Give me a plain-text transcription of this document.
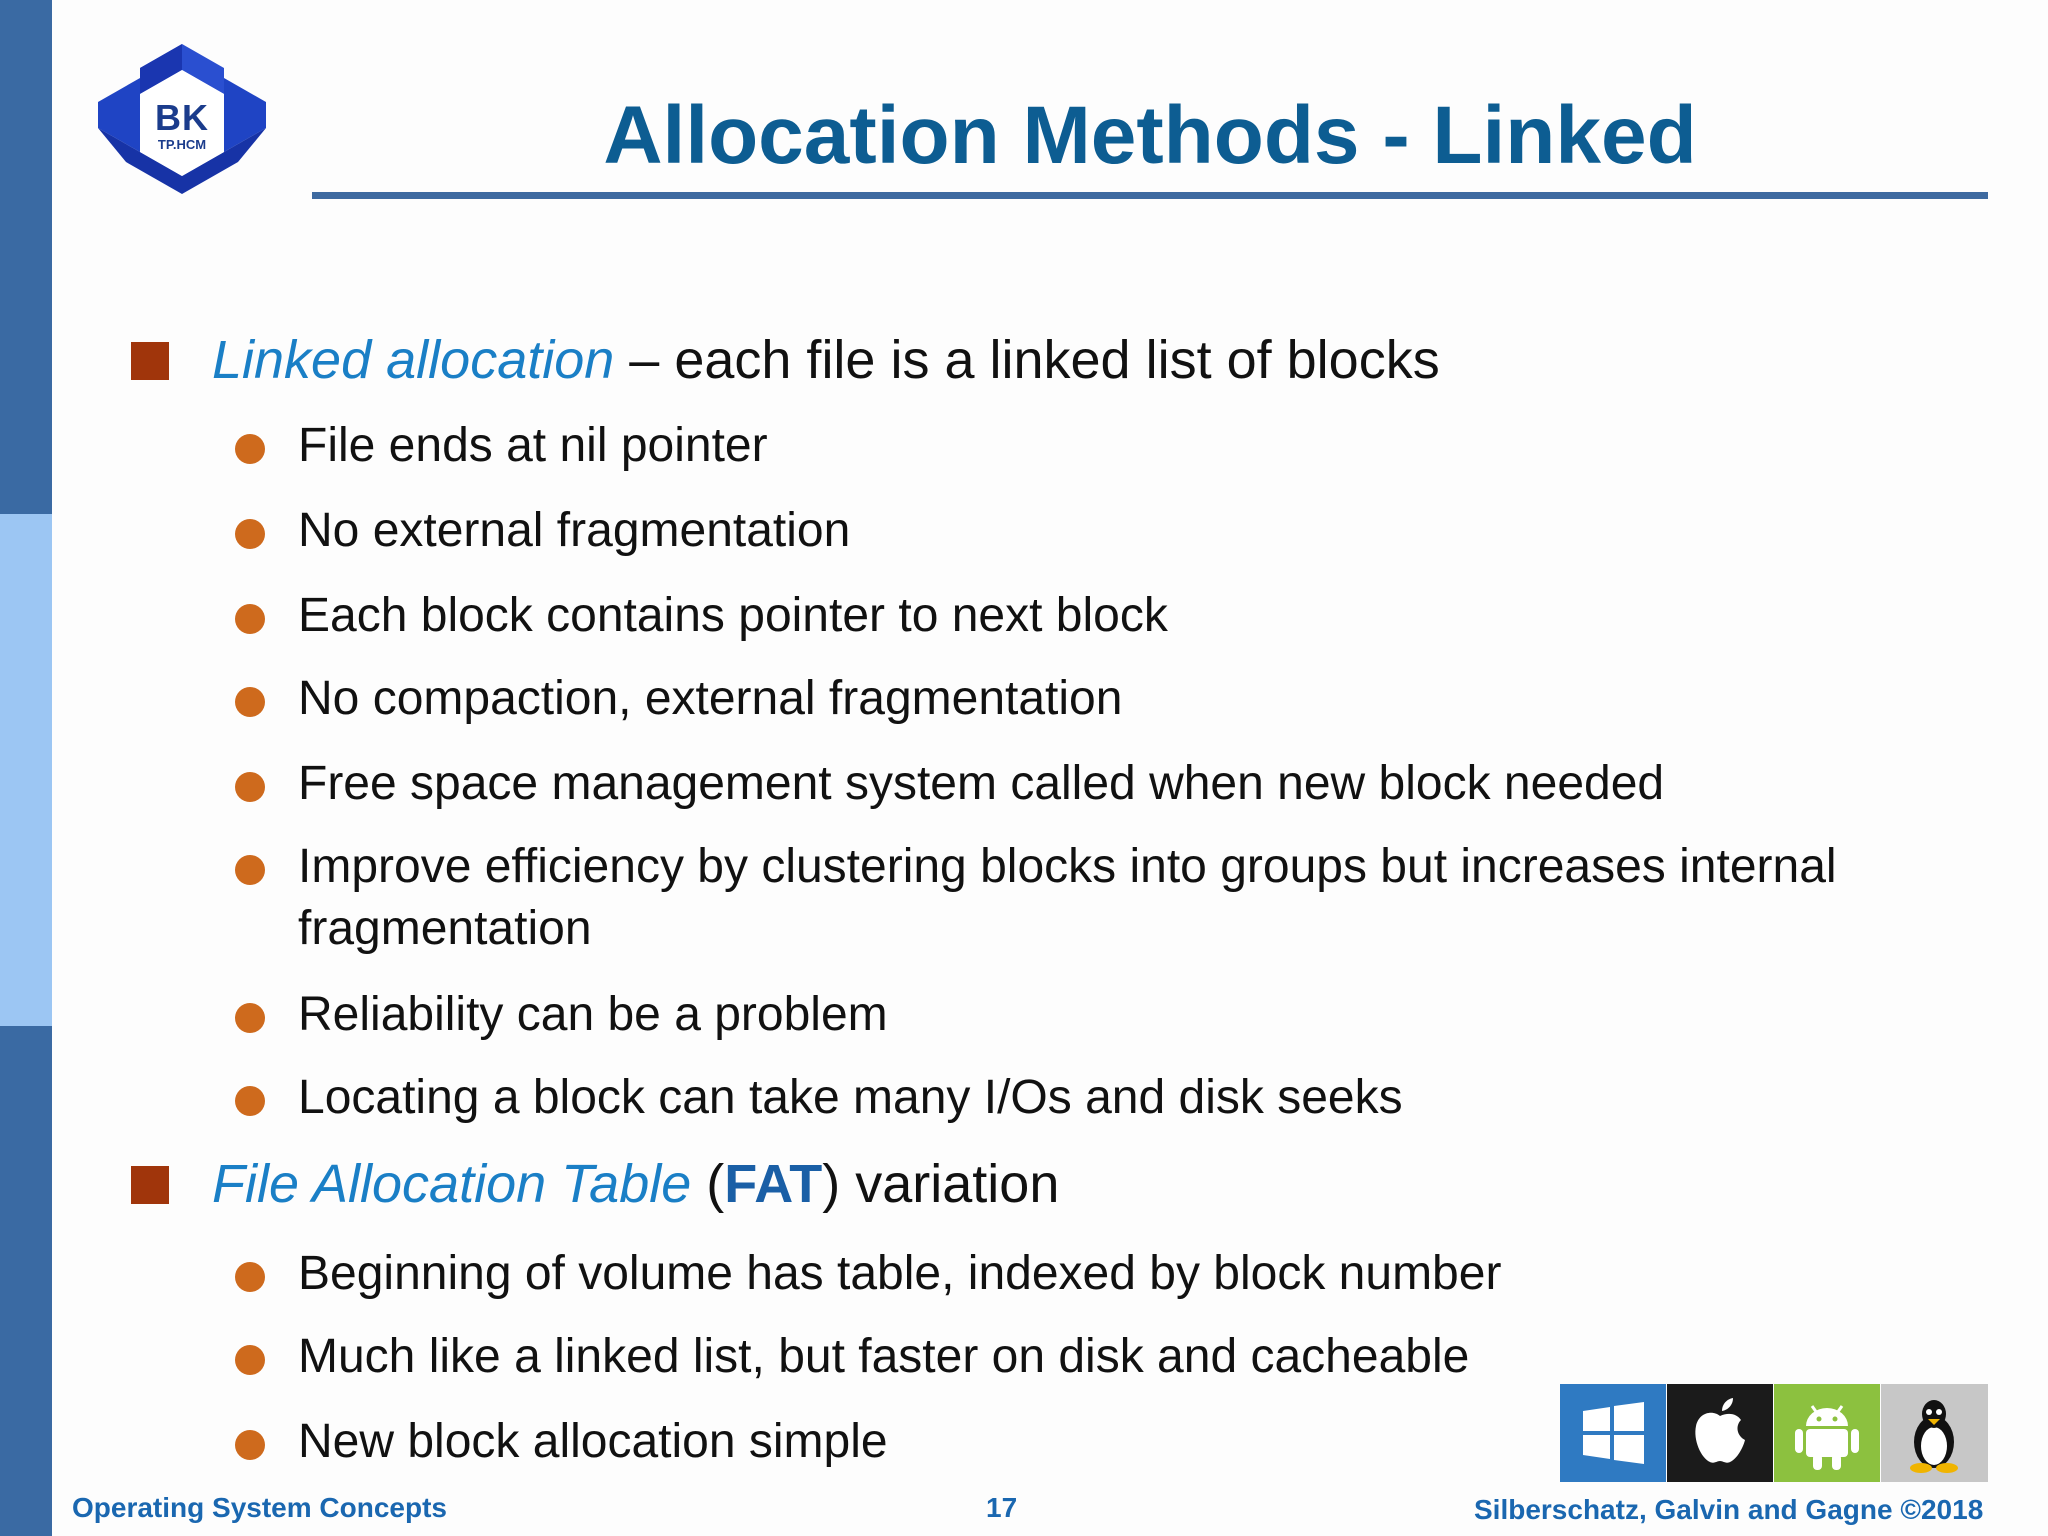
BK
TP.HCM	Allocation Methods - Linked
Linked allocation – each file is a linked list of blocks
File ends at nil pointer
No external fragmentation
Each block contains pointer to next block
No compaction, external fragmentation
Free space management system called when new block needed
Improve efficiency by clustering blocks into groups but increases internal fragmentation
Reliability can be a problem
Locating a block can take many I/Os and disk seeks
File Allocation Table (FAT) variation
Beginning of volume has table, indexed by block number
Much like a linked list, but faster on disk and cacheable
New block allocation simple
Operating System Concepts	17	Silberschatz, Galvin and Gagne ©2018
